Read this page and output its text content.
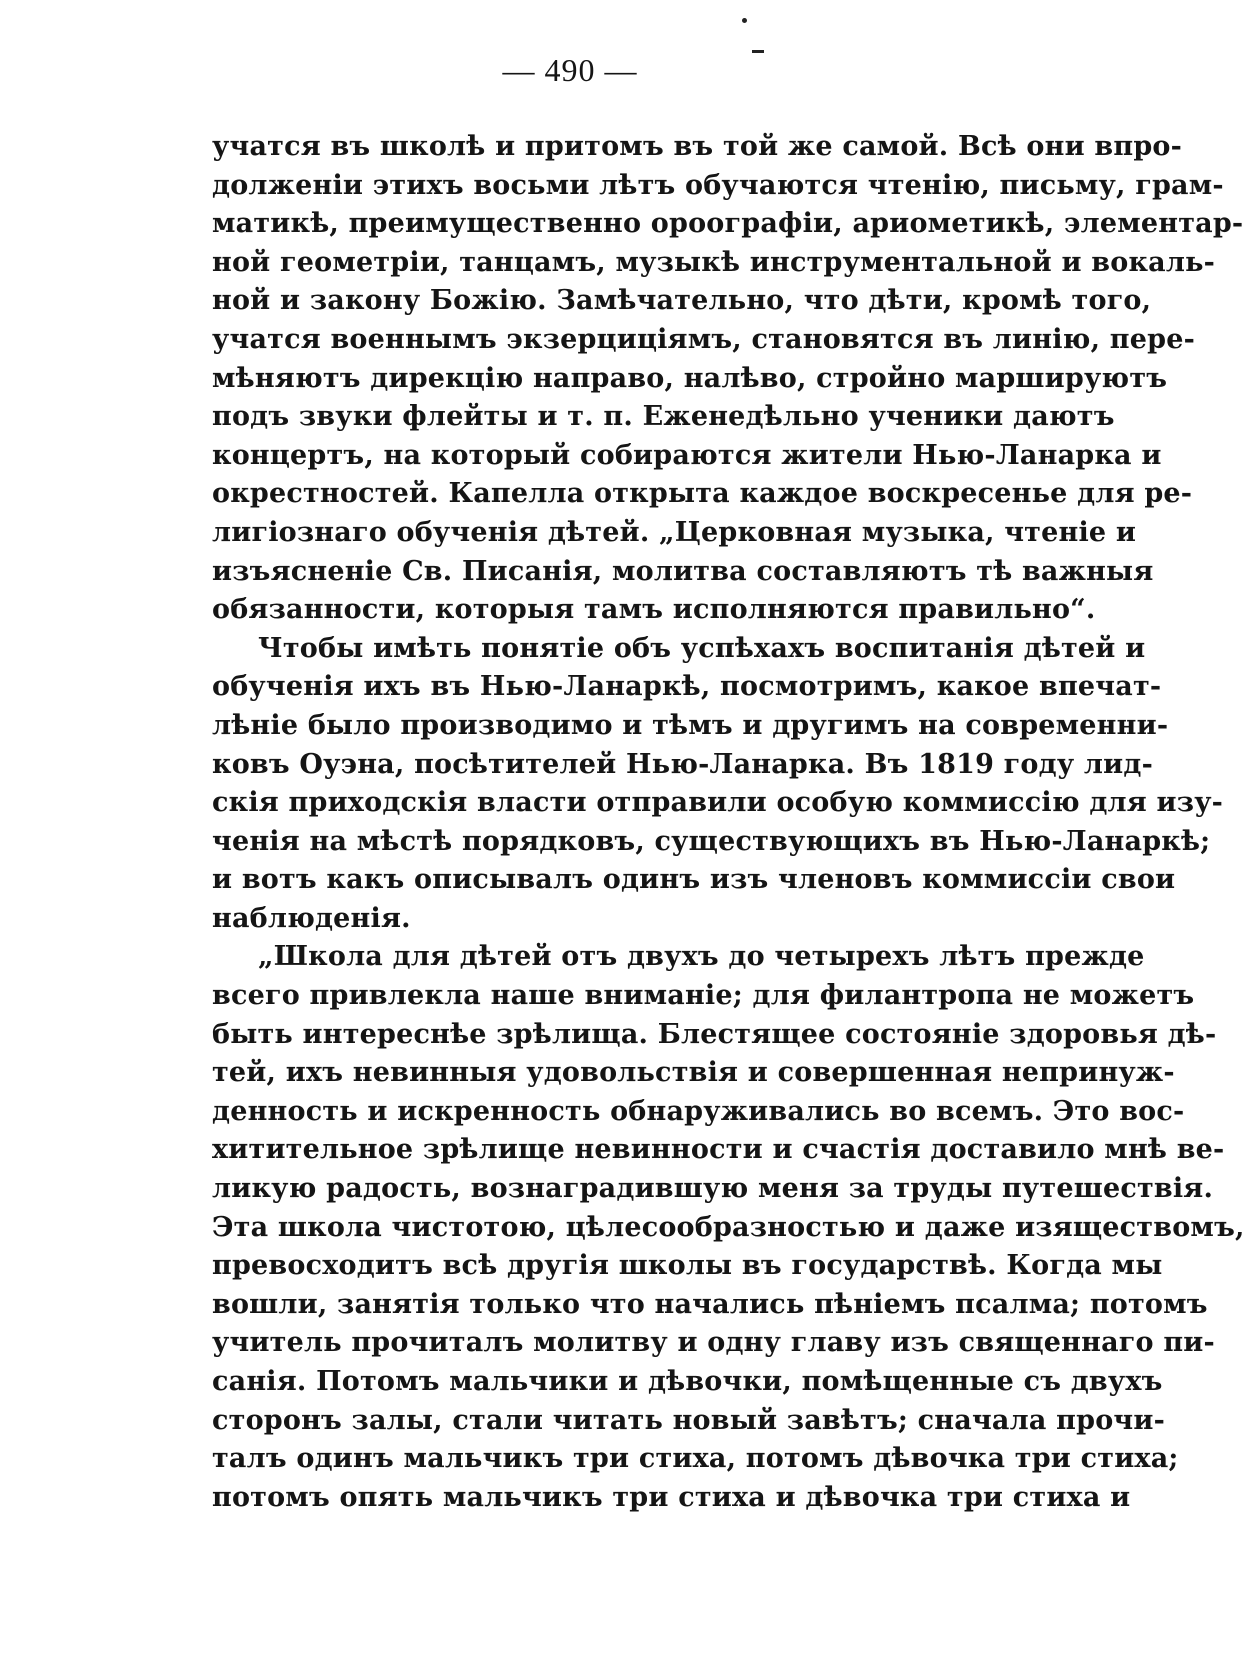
— 490 —
учатся въ школѣ и притомъ въ той же самой. Всѣ они впро-
долженіи этихъ восьми лѣтъ обучаются чтенію, письму, грам-
матикѣ, преимущественно ороографіи, ариометикѣ, элементар-
ной геометріи, танцамъ, музыкѣ инструментальной и вокаль-
ной и закону Божію. Замѣчательно, что дѣти, кромѣ того,
учатся военнымъ экзерциціямъ, становятся въ линію, пере-
мѣняютъ дирекцію направо, налѣво, стройно маршируютъ
подъ звуки флейты и т. п. Еженедѣльно ученики даютъ
концертъ, на который собираются жители Нью-Ланарка и
окрестностей. Капелла открыта каждое воскресенье для ре-
лигіознаго обученія дѣтей. „Церковная музыка, чтеніе и
изъясненіе Св. Писанія, молитва составляютъ тѣ важныя
обязанности, которыя тамъ исполняются правильно“.
Чтобы имѣть понятіе объ успѣхахъ воспитанія дѣтей и
обученія ихъ въ Нью-Ланаркѣ, посмотримъ, какое впечат-
лѣніе было производимо и тѣмъ и другимъ на современни-
ковъ Оуэна, посѣтителей Нью-Ланарка. Въ 1819 году лид-
скія приходскія власти отправили особую коммиссію для изу-
ченія на мѣстѣ порядковъ, существующихъ въ Нью-Ланаркѣ;
и вотъ какъ описывалъ одинъ изъ членовъ коммиссіи свои
наблюденія.
„Школа для дѣтей отъ двухъ до четырехъ лѣтъ прежде
всего привлекла наше вниманіе; для филантропа не можетъ
быть интереснѣе зрѣлища. Блестящее состояніе здоровья дѣ-
тей, ихъ невинныя удовольствія и совершенная непринуж-
денность и искренность обнаруживались во всемъ. Это вос-
хитительное зрѣлище невинности и счастія доставило мнѣ ве-
ликую радость, вознаградившую меня за труды путешествія.
Эта школа чистотою, цѣлесообразностью и даже изяществомъ,
превосходитъ всѣ другія школы въ государствѣ. Когда мы
вошли, занятія только что начались пѣніемъ псалма; потомъ
учитель прочиталъ молитву и одну главу изъ священнаго пи-
санія. Потомъ мальчики и дѣвочки, помѣщенные съ двухъ
сторонъ залы, стали читать новый завѣтъ; сначала прочи-
талъ одинъ мальчикъ три стиха, потомъ дѣвочка три стиха;
потомъ опять мальчикъ три стиха и дѣвочка три стиха и
